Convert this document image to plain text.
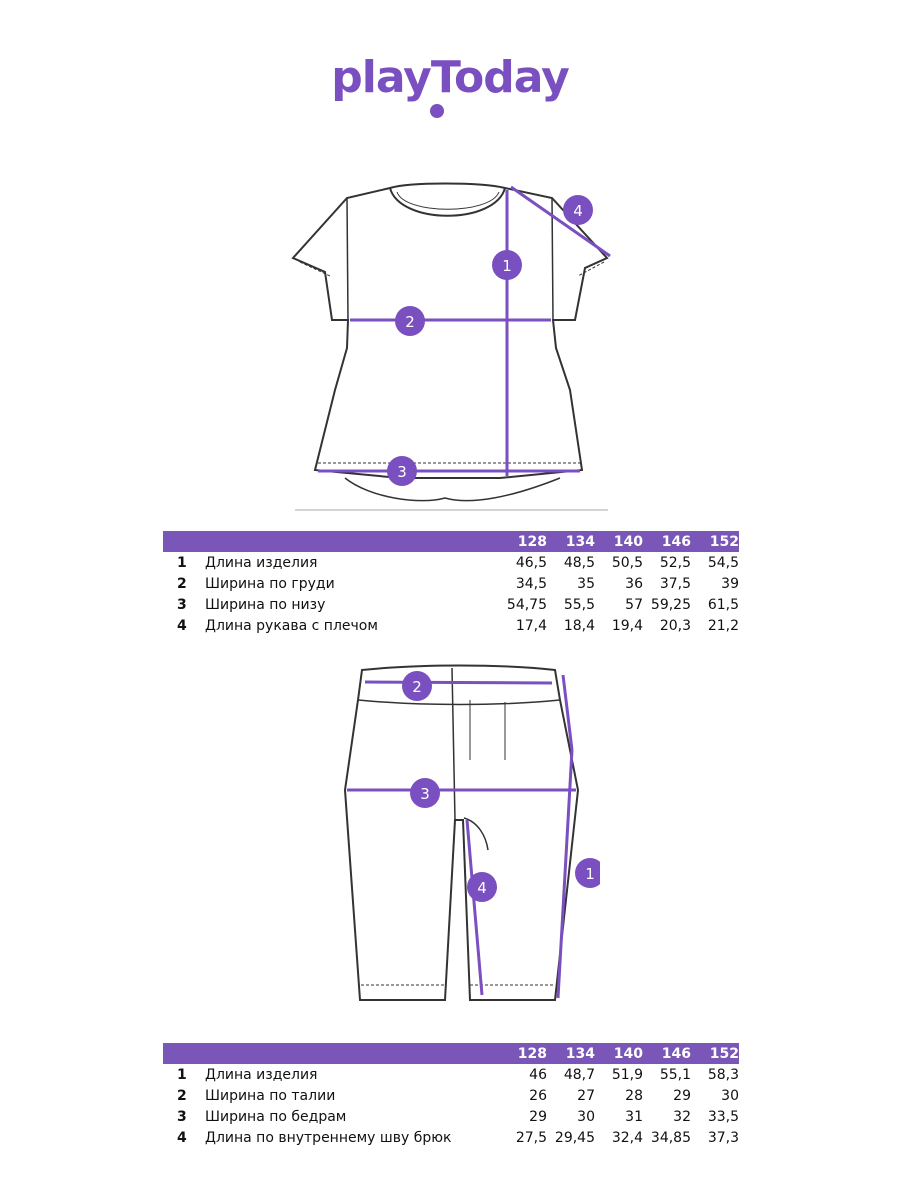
playToday
1
2
3
4
128	134	140	146	152
1	Длина изделия	46,5	48,5	50,5	52,5	54,5
2	Ширина по груди	34,5	35	36	37,5	39
3	Ширина по низу	54,75	55,5	57 59,25	61,5
4	Длина рукава с плечом	17,4	18,4	19,4	20,3	21,2
1
2
3
4
128	134	140	146	152
1	Длина изделия	46	48,7	51,9	55,1	58,3
2	Ширина по талии	26	27	28	29	30
3	Ширина по бедрам	29	30	31	32	33,5
4	Длина по внутреннему шву брюк	27,5 29,45	32,4 34,85	37,3
